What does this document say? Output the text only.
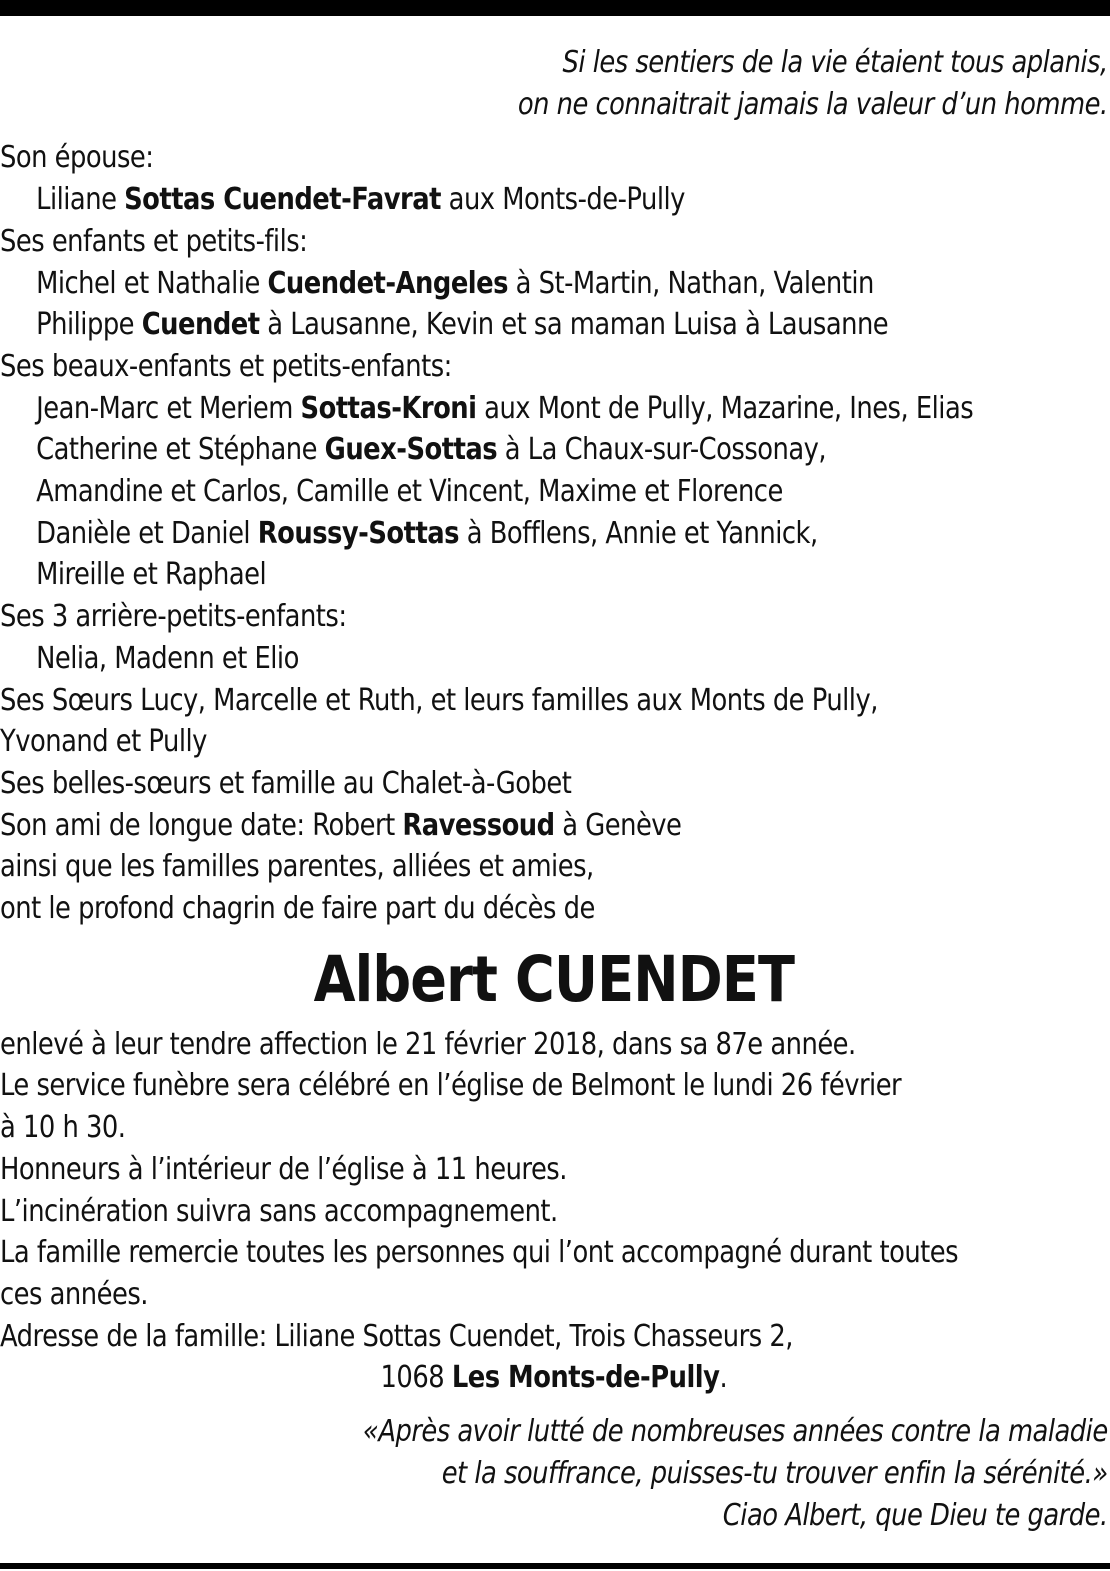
Si les sentiers de la vie étaient tous aplanis,
on ne connaitrait jamais la valeur d’un homme.
Son épouse:
Liliane Sottas Cuendet-Favrat aux Monts-de-Pully
Ses enfants et petits-fils:
Michel et Nathalie Cuendet-Angeles à St-Martin, Nathan, Valentin
Philippe Cuendet à Lausanne, Kevin et sa maman Luisa à Lausanne
Ses beaux-enfants et petits-enfants:
Jean-Marc et Meriem Sottas-Kroni aux Mont de Pully, Mazarine, Ines, Elias
Catherine et Stéphane Guex-Sottas à La Chaux-sur-Cossonay,
Amandine et Carlos, Camille et Vincent, Maxime et Florence
Danièle et Daniel Roussy-Sottas à Bofflens, Annie et Yannick,
Mireille et Raphael
Ses 3 arrière-petits-enfants:
Nelia, Madenn et Elio
Ses Sœurs Lucy, Marcelle et Ruth, et leurs familles aux Monts de Pully,
Yvonand et Pully
Ses belles-sœurs et famille au Chalet-à-Gobet
Son ami de longue date: Robert Ravessoud à Genève
ainsi que les familles parentes, alliées et amies,
ont le profond chagrin de faire part du décès de
Albert CUENDET
enlevé à leur tendre affection le 21 février 2018, dans sa 87e année.
Le service funèbre sera célébré en l’église de Belmont le lundi 26 février
à 10 h 30.
Honneurs à l’intérieur de l’église à 11 heures.
L’incinération suivra sans accompagnement.
La famille remercie toutes les personnes qui l’ont accompagné durant toutes
ces années.
Adresse de la famille: Liliane Sottas Cuendet, Trois Chasseurs 2,
1068 Les Monts-de-Pully.
«Après avoir lutté de nombreuses années contre la maladie
et la souffrance, puisses-tu trouver enfin la sérénité.»
Ciao Albert, que Dieu te garde.
